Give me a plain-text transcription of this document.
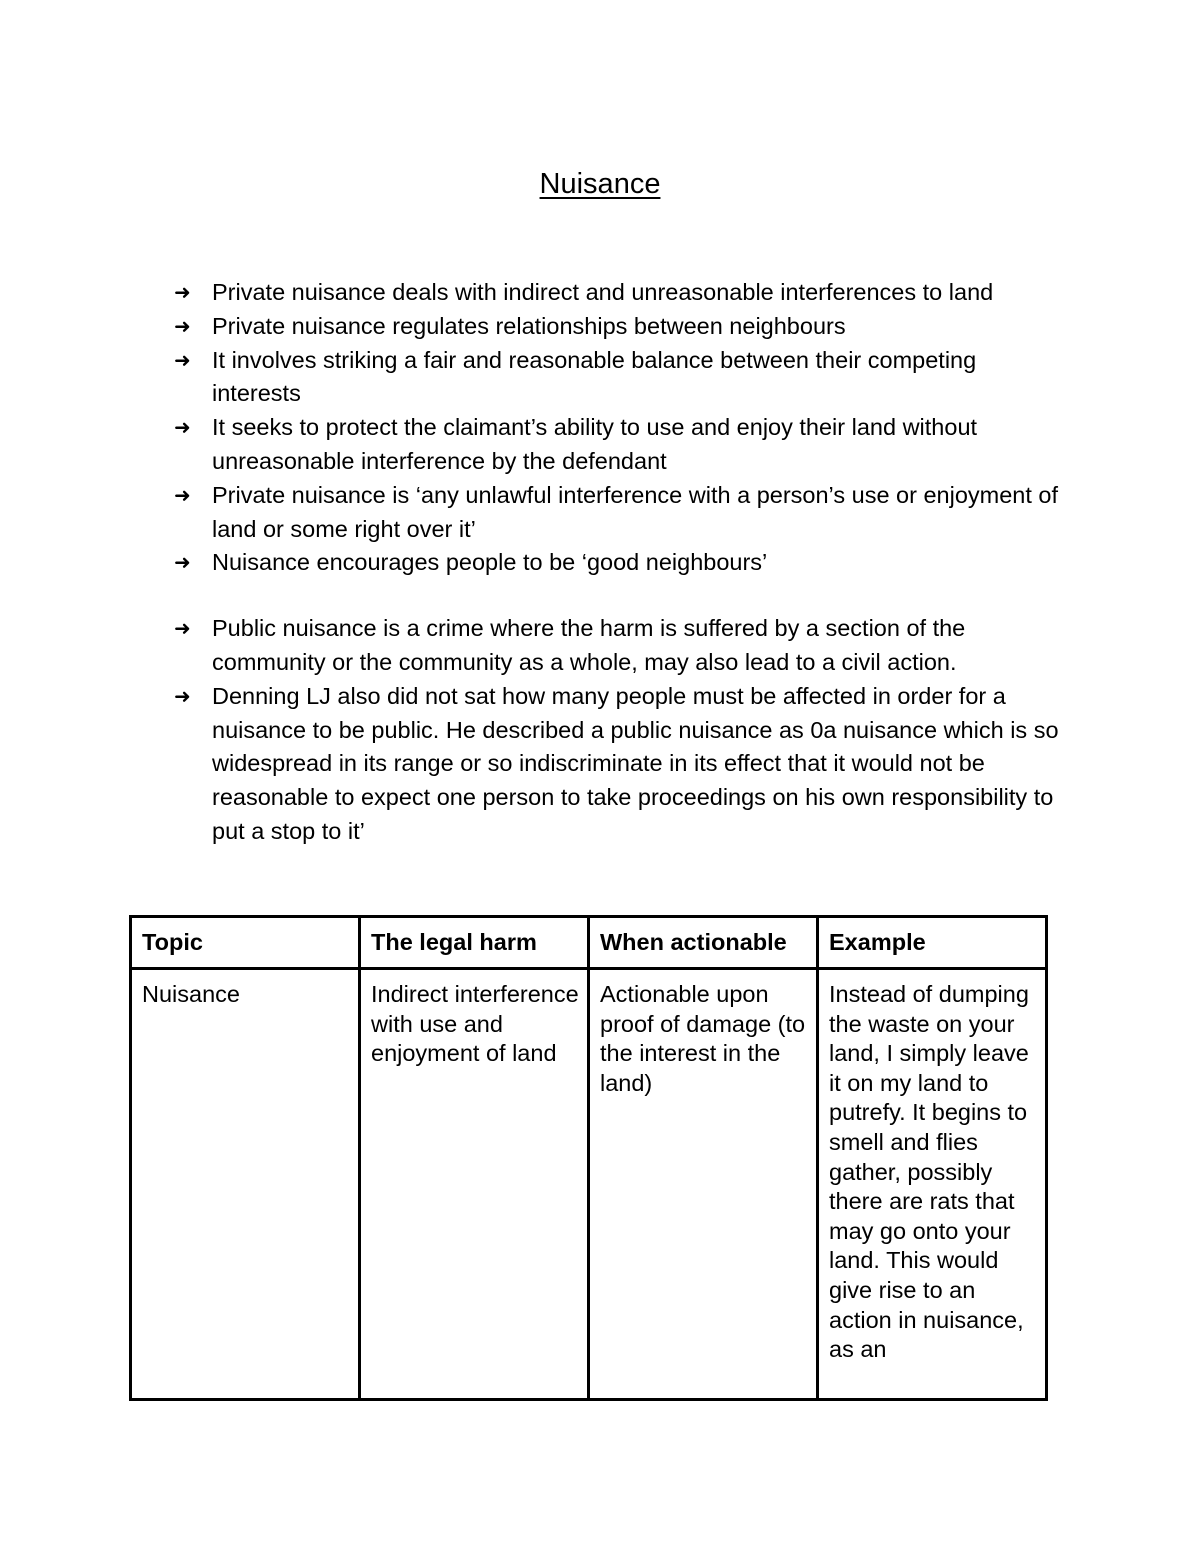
Nuisance
➜ Private nuisance deals with indirect and unreasonable interferences to land
➜ Private nuisance regulates relationships between neighbours
➜ It involves striking a fair and reasonable balance between their competing interests
➜ It seeks to protect the claimant’s ability to use and enjoy their land without unreasonable interference by the defendant
➜ Private nuisance is ‘any unlawful interference with a person’s use or enjoyment of land or some right over it’
➜ Nuisance encourages people to be ‘good neighbours’
➜ Public nuisance is a crime where the harm is suffered by a section of the community or the community as a whole, may also lead to a civil action.
➜ Denning LJ also did not sat how many people must be affected in order for a nuisance to be public. He described a public nuisance as 0a nuisance which is so widespread in its range or so indiscriminate in its effect that it would not be reasonable to expect one person to take proceedings on his own responsibility to put a stop to it’
Topic	The legal harm	When actionable	Example
Nuisance	Indirect interference with use and enjoyment of land	Actionable upon proof of damage (to the interest in the land)	Instead of dumping the waste on your land, I simply leave it on my land to putrefy. It begins to smell and flies gather, possibly there are rats that may go onto your land. This would give rise to an action in nuisance, as an
